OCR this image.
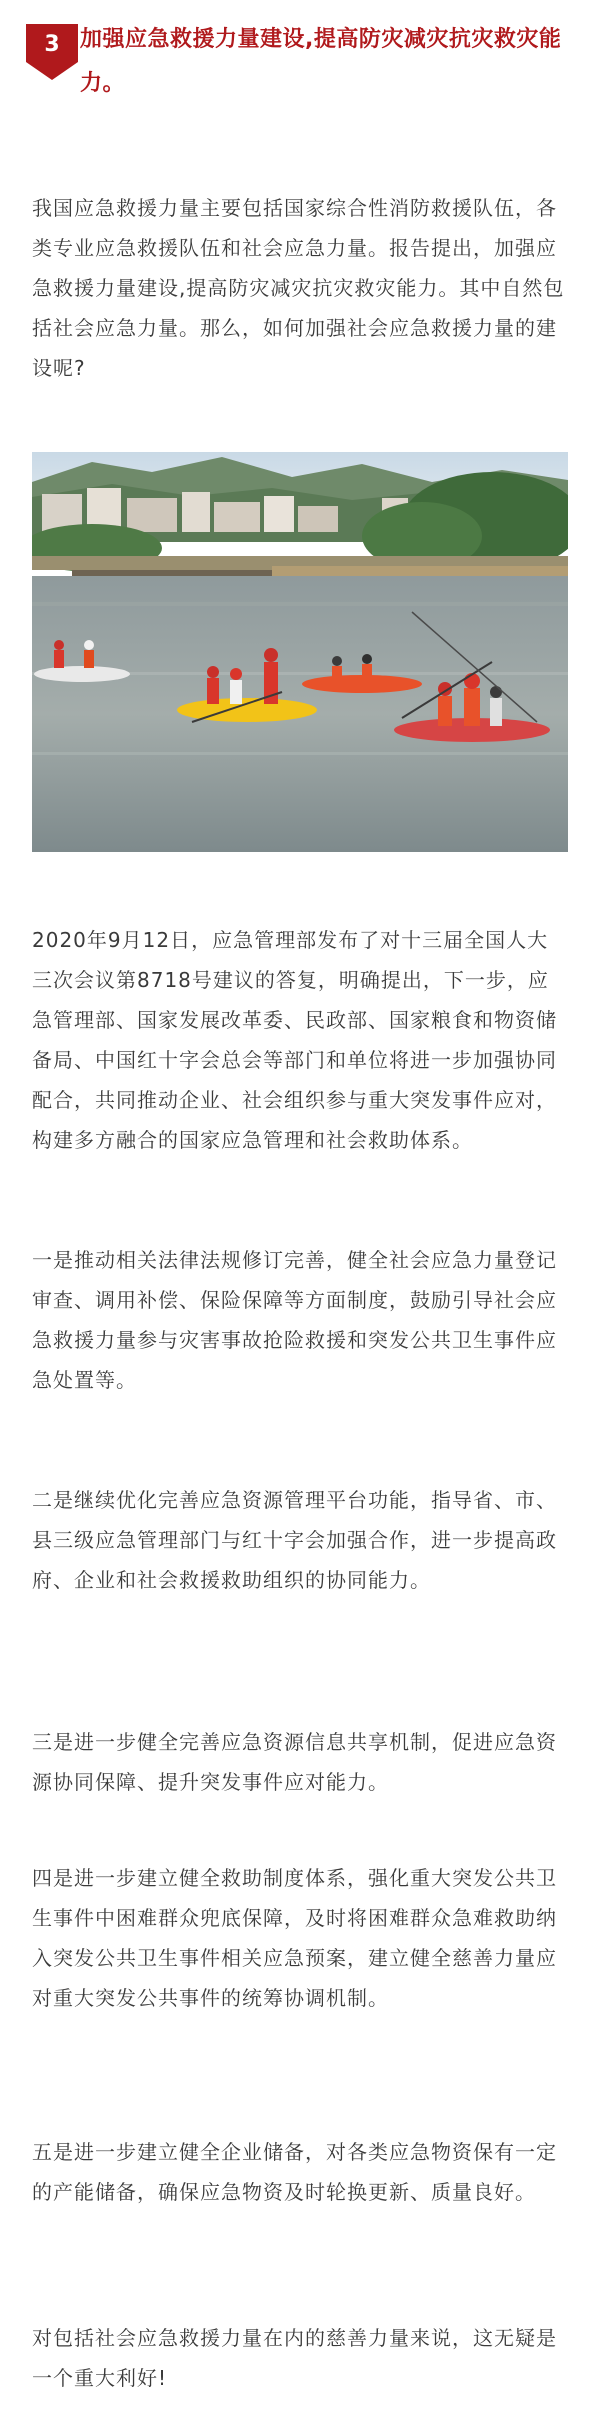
3 加强应急救援力量建设,提高防灾减灾抗灾救灾能力。

我国应急救援力量主要包括国家综合性消防救援队伍，各类专业应急救援队伍和社会应急力量。报告提出，加强应急救援力量建设,提高防灾减灾抗灾救灾能力。其中自然包括社会应急力量。那么，如何加强社会应急救援力量的建设呢?

2020年9月12日，应急管理部发布了对十三届全国人大三次会议第8718号建议的答复，明确提出，下一步，应急管理部、国家发展改革委、民政部、国家粮食和物资储备局、中国红十字会总会等部门和单位将进一步加强协同配合，共同推动企业、社会组织参与重大突发事件应对，构建多方融合的国家应急管理和社会救助体系。

一是推动相关法律法规修订完善，健全社会应急力量登记审查、调用补偿、保险保障等方面制度，鼓励引导社会应急救援力量参与灾害事故抢险救援和突发公共卫生事件应急处置等。

二是继续优化完善应急资源管理平台功能，指导省、市、县三级应急管理部门与红十字会加强合作，进一步提高政府、企业和社会救援救助组织的协同能力。

三是进一步健全完善应急资源信息共享机制，促进应急资源协同保障、提升突发事件应对能力。

四是进一步建立健全救助制度体系，强化重大突发公共卫生事件中困难群众兜底保障，及时将困难群众急难救助纳入突发公共卫生事件相关应急预案，建立健全慈善力量应对重大突发公共事件的统筹协调机制。

五是进一步建立健全企业储备，对各类应急物资保有一定的产能储备，确保应急物资及时轮换更新、质量良好。

对包括社会应急救援力量在内的慈善力量来说，这无疑是一个重大利好!
